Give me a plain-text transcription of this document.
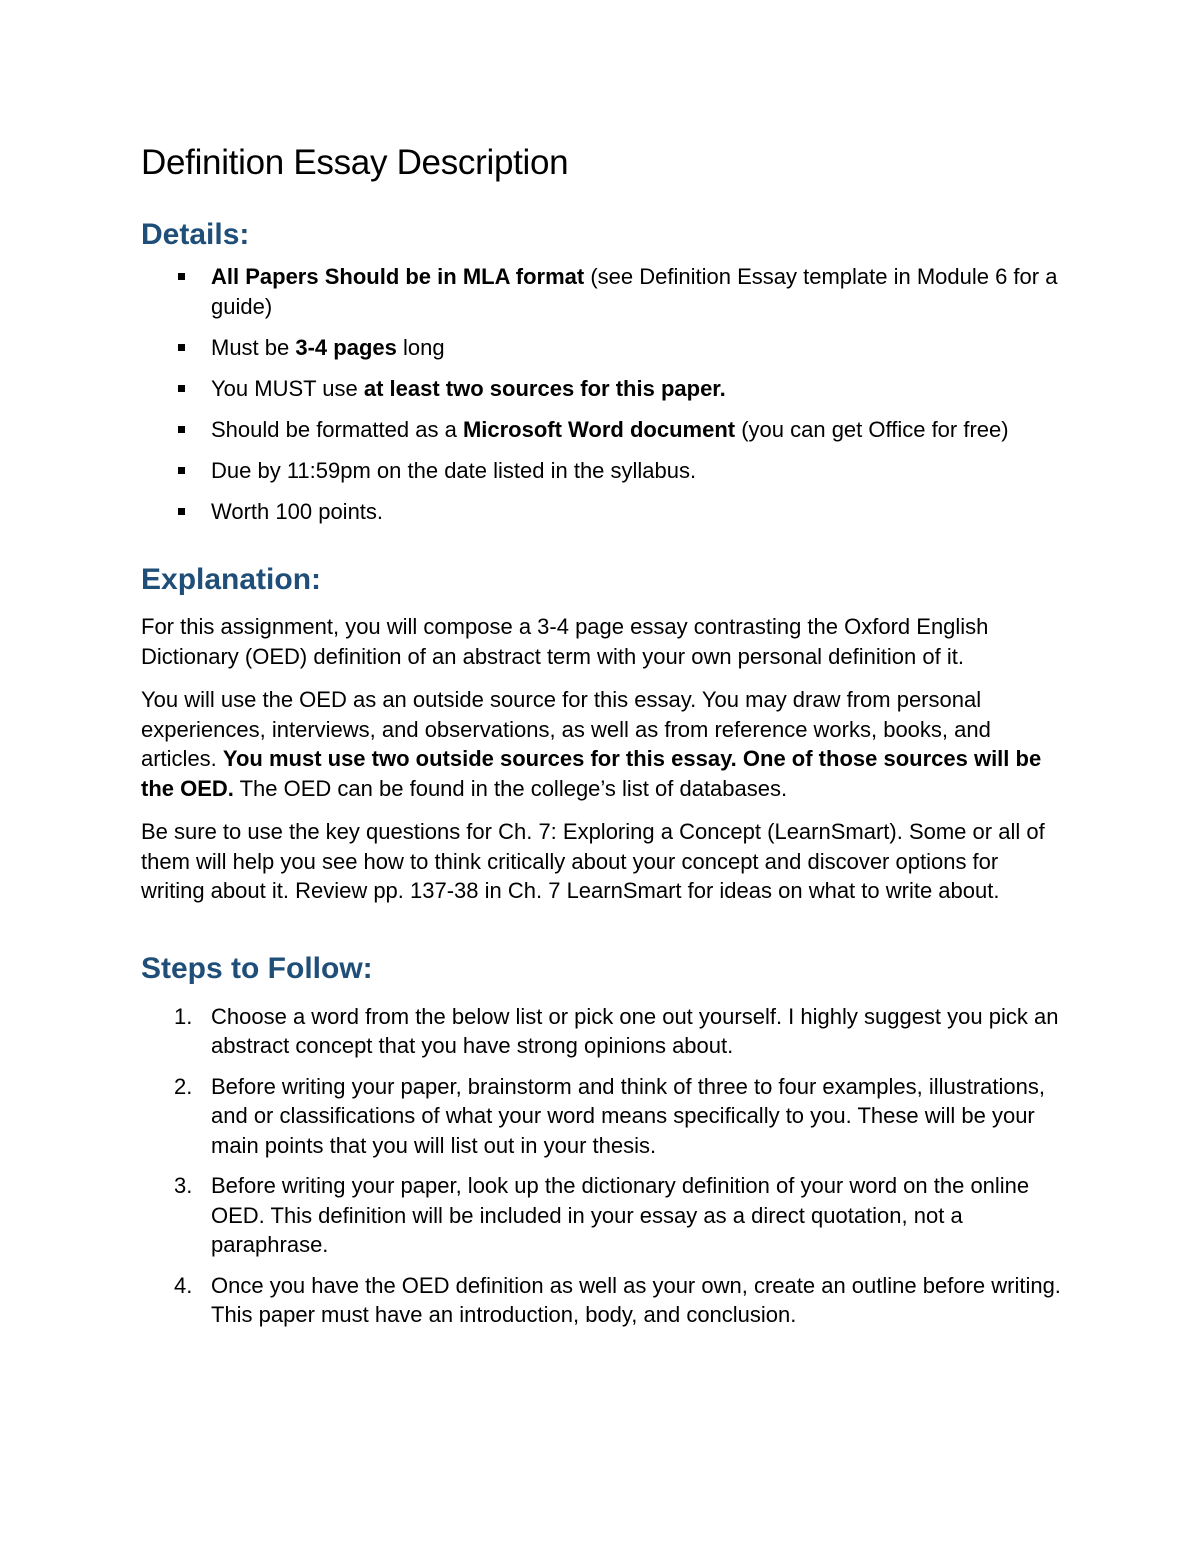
Definition Essay Description
Details:
All Papers Should be in MLA format (see Definition Essay template in Module 6 for a guide)
Must be 3-4 pages long
You MUST use at least two sources for this paper.
Should be formatted as a Microsoft Word document (you can get Office for free)
Due by 11:59pm on the date listed in the syllabus.
Worth 100 points.
Explanation:

For this assignment, you will compose a 3-4 page essay contrasting the Oxford English Dictionary (OED) definition of an abstract term with your own personal definition of it.

You will use the OED as an outside source for this essay. You may draw from personal experiences, interviews, and observations, as well as from reference works, books, and articles. You must use two outside sources for this essay. One of those sources will be the OED. The OED can be found in the college’s list of databases.

Be sure to use the key questions for Ch. 7: Exploring a Concept (LearnSmart). Some or all of them will help you see how to think critically about your concept and discover options for writing about it. Review pp. 137-38 in Ch. 7 LearnSmart for ideas on what to write about.

Steps to Follow:
1. Choose a word from the below list or pick one out yourself. I highly suggest you pick an abstract concept that you have strong opinions about.
2. Before writing your paper, brainstorm and think of three to four examples, illustrations, and or classifications of what your word means specifically to you. These will be your main points that you will list out in your thesis.
3. Before writing your paper, look up the dictionary definition of your word on the online OED. This definition will be included in your essay as a direct quotation, not a paraphrase.
4. Once you have the OED definition as well as your own, create an outline before writing. This paper must have an introduction, body, and conclusion.
